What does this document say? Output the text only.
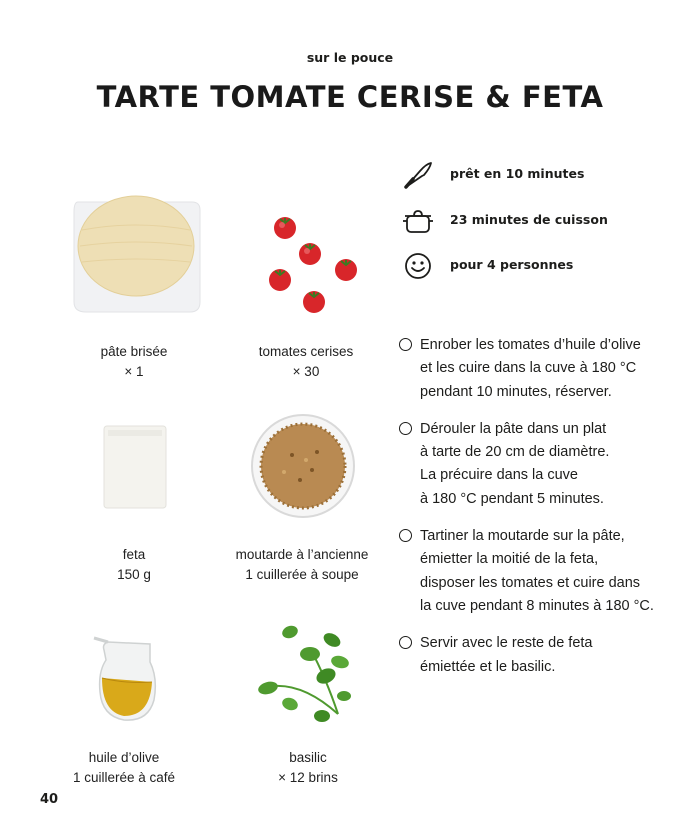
sur le pouce
TARTE TOMATE CERISE & FETA
pâte brisée
× 1
tomates cerises
× 30
feta
150 g
moutarde à l’ancienne
1 cuillerée à soupe
huile d’olive
1 cuillerée à café
basilic
× 12 brins
prêt en 10 minutes
23 minutes de cuisson
pour 4 personnes
Enrober les tomates d’huile d’olive
et les cuire dans la cuve à 180 °C
pendant 10 minutes, réserver.
Dérouler la pâte dans un plat
à tarte de 20 cm de diamètre.
La précuire dans la cuve
à 180 °C pendant 5 minutes.
Tartiner la moutarde sur la pâte,
émietter la moitié de la feta,
disposer les tomates et cuire dans
la cuve pendant 8 minutes à 180 °C.
Servir avec le reste de feta
émiettée et le basilic.
40
